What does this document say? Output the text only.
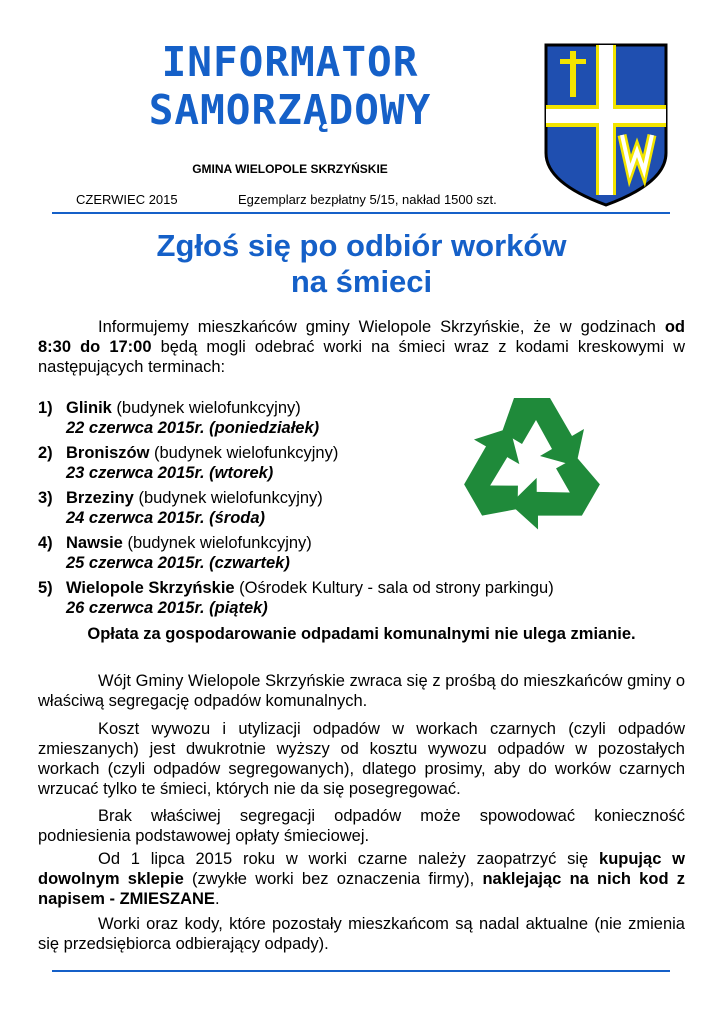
INFORMATOR
SAMORZĄDOWY
GMINA WIELOPOLE SKRZYŃSKIE
CZERWIEC 2015	Egzemplarz bezpłatny 5/15, nakład 1500 szt.
Zgłoś się po odbiór worków
na śmieci
Informujemy mieszkańców gminy Wielopole Skrzyńskie, że w godzinach od 8:30 do 17:00 będą mogli odebrać worki na śmieci wraz z kodami kreskowymi w następujących terminach:
1) Glinik (budynek wielofunkcyjny)
22 czerwca 2015r. (poniedziałek)
2) Broniszów (budynek wielofunkcyjny)
23 czerwca 2015r. (wtorek)
3) Brzeziny (budynek wielofunkcyjny)
24 czerwca 2015r. (środa)
4) Nawsie (budynek wielofunkcyjny)
25 czerwca 2015r. (czwartek)
5) Wielopole Skrzyńskie (Ośrodek Kultury - sala od strony parkingu)
26 czerwca 2015r. (piątek)
Opłata za gospodarowanie odpadami komunalnymi nie ulega zmianie.
Wójt Gminy Wielopole Skrzyńskie zwraca się z prośbą do mieszkańców gminy o właściwą segregację odpadów komunalnych.
Koszt wywozu i utylizacji odpadów w workach czarnych (czyli odpadów zmieszanych) jest dwukrotnie wyższy od kosztu wywozu odpadów w pozostałych workach (czyli odpadów segregowanych), dlatego prosimy, aby do worków czarnych wrzucać tylko te śmieci, których nie da się posegregować.
Brak właściwej segregacji odpadów może spowodować konieczność podniesienia podstawowej opłaty śmieciowej.
Od 1 lipca 2015 roku w worki czarne należy zaopatrzyć się kupując w dowolnym sklepie (zwykłe worki bez oznaczenia firmy), naklejając na nich kod z napisem - ZMIESZANE.
Worki oraz kody, które pozostały mieszkańcom są nadal aktualne (nie zmienia się przedsiębiorca odbierający odpady).
